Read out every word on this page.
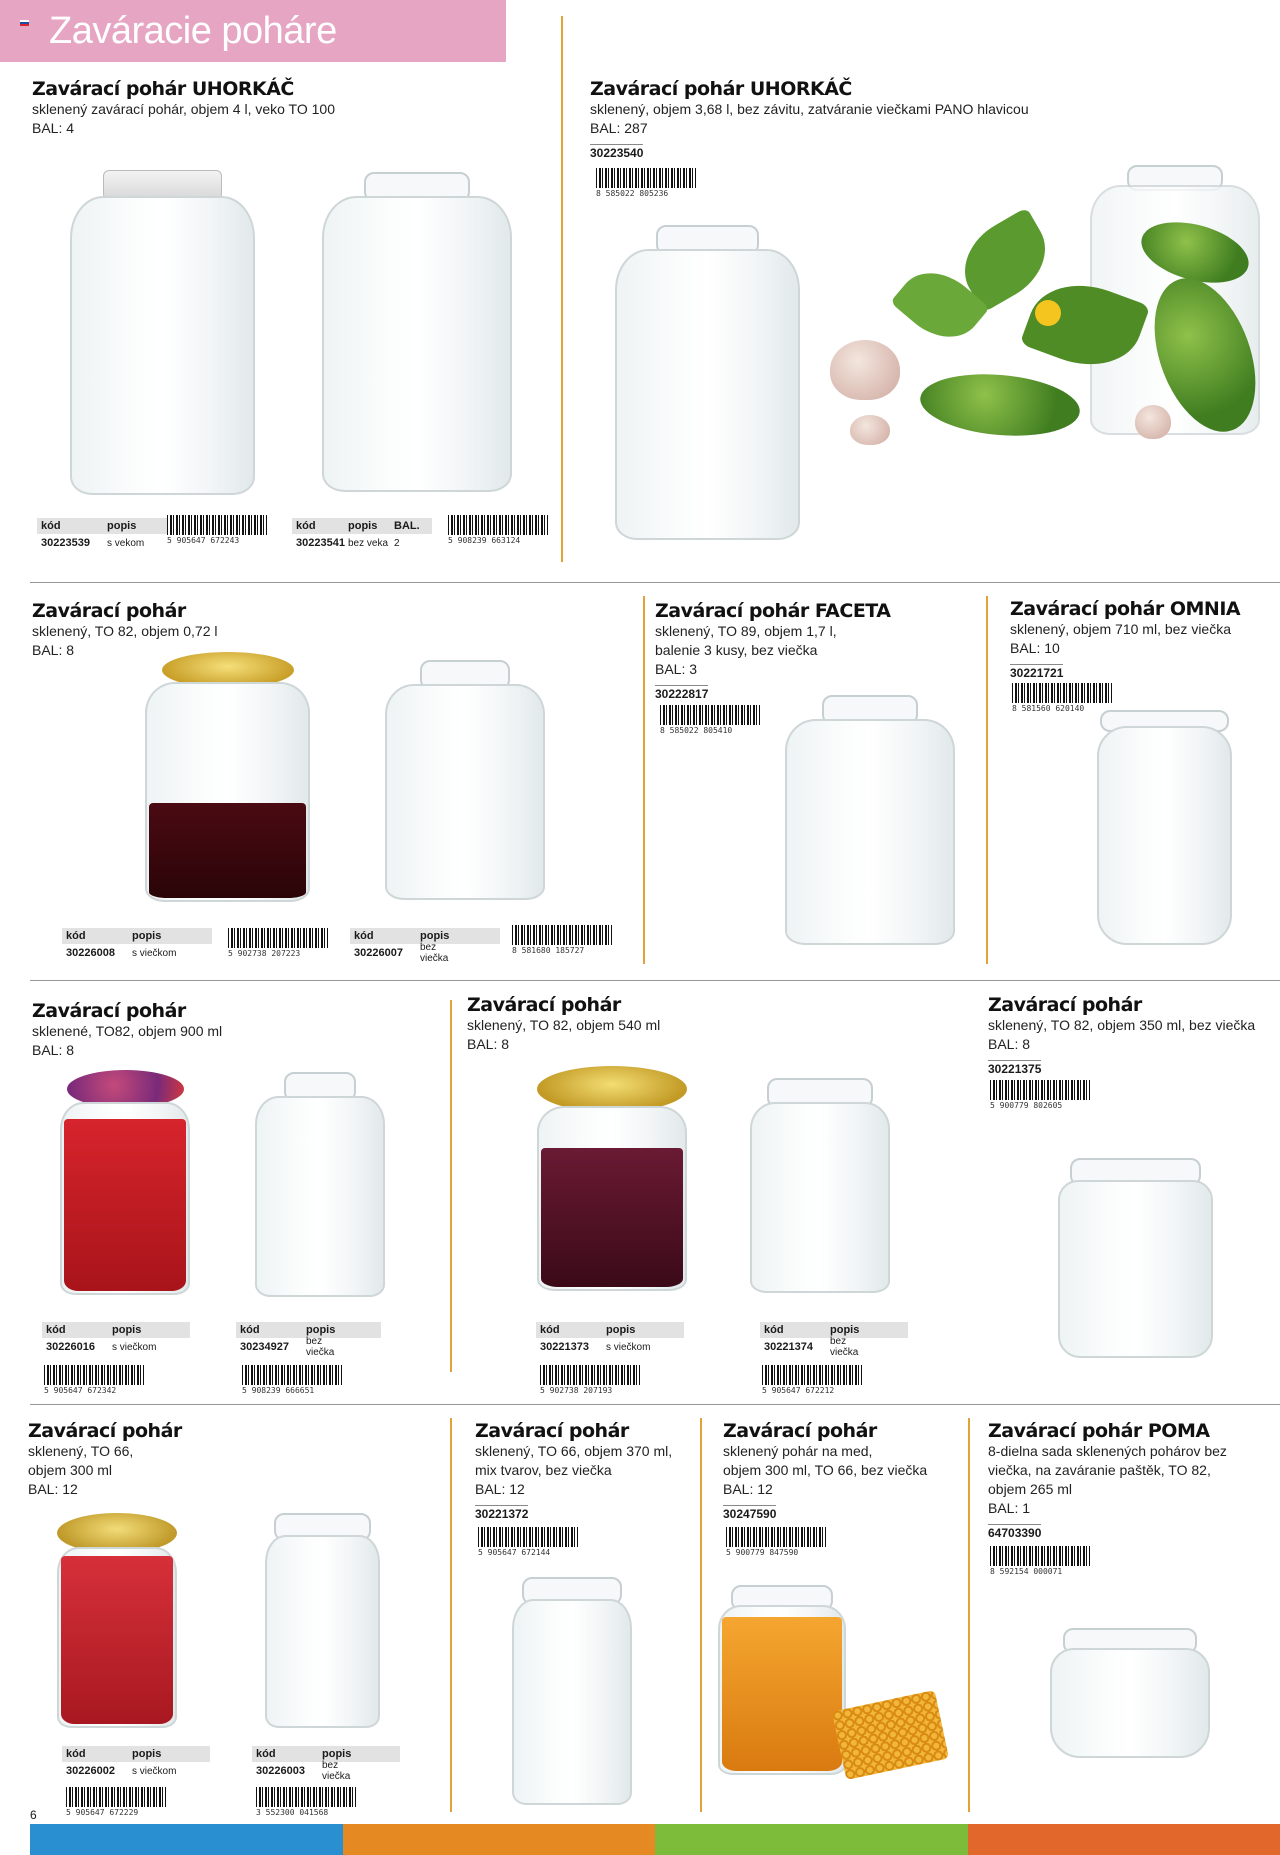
Zaváracie poháre
Zavárací pohár UHORKÁČ
sklenený zavárací pohár, objem 4 l, veko TO 100
BAL: 4
kód	popis
30223539	s vekom	5 905647 672243
kód	popis	BAL.
30223541 bez veka 2	5 908239 663124
Zavárací pohár UHORKÁČ
sklenený, objem 3,68 l, bez závitu, zatváranie viečkami PANO hlavicou
BAL: 287
30223540
8 585022 805236
Zavárací pohár
sklenený, TO 82, objem 0,72 l
BAL: 8
kód	popis
30226008	s viečkom	5 902738 207223
kód	popis
30226007	bez viečka
8 581680 185727
Zavárací pohár FACETA
sklenený, TO 89, objem 1,7 l,
balenie 3 kusy, bez viečka
BAL: 3
30222817
8 585022 805410
Zavárací pohár OMNIA
sklenený, objem 710 ml, bez viečka
BAL: 10
30221721
8 581560 620140
Zavárací pohár
sklenené, TO82, objem 900 ml
BAL: 8
kód	popis
30226016	s viečkom
5 905647 672342
kód	popis
30234927	bez viečka
5 908239 666651
Zavárací pohár
sklenený, TO 82, objem 540 ml
BAL: 8
kód	popis
30221373	s viečkom
5 902738 207193
kód	popis
30221374	bez viečka
5 905647 672212
Zavárací pohár
sklenený, TO 82, objem 350 ml, bez viečka
BAL: 8
30221375
5 900779 802605
Zavárací pohár
sklenený, TO 66,
objem 300 ml
BAL: 12
kód	popis
30226002	s viečkom
5 905647 672229
kód	popis
30226003	bez viečka
3 552300 041568
Zavárací pohár
sklenený, TO 66, objem 370 ml,
mix tvarov, bez viečka
BAL: 12
30221372
5 905647 672144
Zavárací pohár
sklenený pohár na med,
objem 300 ml, TO 66, bez viečka
BAL: 12
30247590
5 900779 847590
Zavárací pohár POMA
8-dielna sada sklenených pohárov bez
viečka, na zaváranie paštěk, TO 82,
objem 265 ml
BAL: 1
64703390
8 592154 000071
6
